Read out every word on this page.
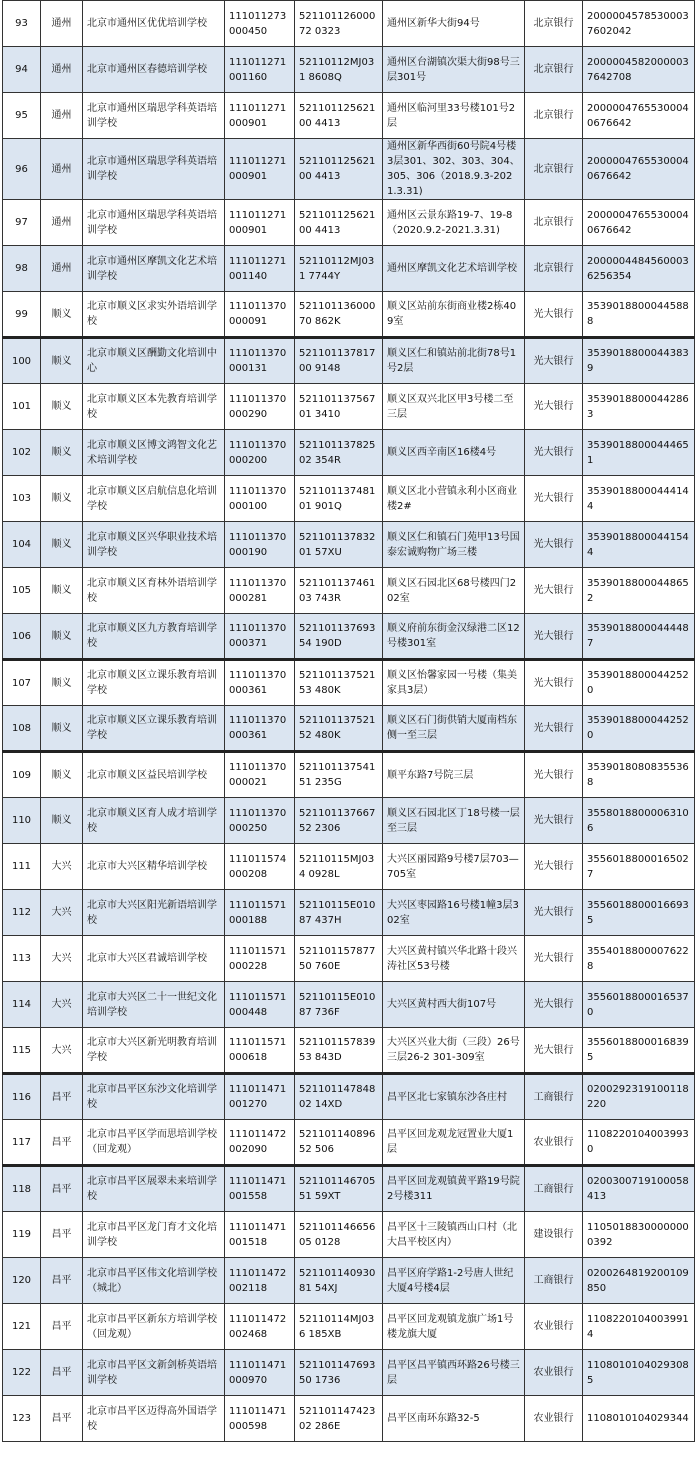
93	通州	北京市通州区优优培训学校	111011273000450	52110112600072 0323	通州区新华大街94号	北京银行	20000045785300037602042
94	通州	北京市通州区春德培训学校	111011271001160	52110112MJ031 8608Q	通州区台湖镇次渠大街98号三层301号	北京银行	20000045820000037642708
95	通州	北京市通州区瑞思学科英语培训学校	111011271000901	52110112562100 4413	通州区临河里33号楼101号2层	北京银行	20000047655300040676642
96	通州	北京市通州区瑞思学科英语培训学校	111011271000901	52110112562100 4413	通州区新华西街60号院4号楼3层301、302、303、304、305、306（2018.9.3-2021.3.31)	北京银行	20000047655300040676642
97	通州	北京市通州区瑞思学科英语培训学校	111011271000901	52110112562100 4413	通州区云景东路19-7、19-8（2020.9.2-2021.3.31)	北京银行	20000047655300040676642
98	通州	北京市通州区摩凯文化艺术培训学校	111011271001140	52110112MJ031 7744Y	通州区摩凯文化艺术培训学校	北京银行	20000044845600036256354
99	顺义	北京市顺义区求实外语培训学校	111011370000091	52110113600070 862K	顺义区站前东街商业楼2栋409室	光大银行	35390188000445888
100	顺义	北京市顺义区酬勤文化培训中心	111011370000131	52110113781700 9148	顺义区仁和镇站前北街78号1号2层	光大银行	35390188000443839
101	顺义	北京市顺义区本先教育培训学校	111011370000290	52110113756701 3410	顺义区双兴北区甲3号楼二至三层	光大银行	35390188000442863
102	顺义	北京市顺义区博文鸿智文化艺术培训学校	111011370000200	52110113782502 354R	顺义区西辛南区16楼4号	光大银行	35390188000444651
103	顺义	北京市顺义区启航信息化培训学校	111011370000100	52110113748101 901Q	顺义区北小营镇永利小区商业楼2#	光大银行	35390188000444144
104	顺义	北京市顺义区兴华职业技术培训学校	111011370000190	52110113783201 57XU	顺义区仁和镇石门苑甲13号国泰宏诚购物广场三楼	光大银行	35390188000441544
105	顺义	北京市顺义区育林外语培训学校	111011370000281	52110113746103 743R	顺义区石园北区68号楼四门202室	光大银行	35390188000448652
106	顺义	北京市顺义区九方教育培训学校	111011370000371	52110113769354 190D	顺义府前东街金汉绿港二区12号楼301室	光大银行	35390188000444487
107	顺义	北京市顺义区立课乐教育培训学校	111011370000361	52110113752153 480K	顺义区怡馨家园一号楼（集美家具3层）	光大银行	35390188000442520
108	顺义	北京市顺义区立课乐教育培训学校	111011370000361	52110113752152 480K	顺义区石门街供销大厦南档东侧一至三层	光大银行	35390188000442520
109	顺义	北京市顺义区益民培训学校	111011370000021	52110113754151 235G	顺平东路7号院三层	光大银行	35390180808355368
110	顺义	北京市顺义区育人成才培训学校	111011370000250	52110113766752 2306	顺义区石园北区丁18号楼一层至三层	光大银行	35580188000063106
111	大兴	北京市大兴区精华培训学校	111011574000208	52110115MJ034 0928L	大兴区丽园路9号楼7层703—705室	光大银行	35560188000165027
112	大兴	北京市大兴区阳光新语培训学校	111011571000188	52110115E01087 437H	大兴区枣园路16号楼1幢3层302室	光大银行	35560188000166935
113	大兴	北京市大兴区君诚培训学校	111011571000228	52110115787750 760E	大兴区黄村镇兴华北路十段兴涛社区53号楼	光大银行	35540188000076228
114	大兴	北京市大兴区二十一世纪文化培训学校	111011571000448	52110115E01087 736F	大兴区黄村西大街107号	光大银行	35560188000165370
115	大兴	北京市大兴区新光明教育培训学校	111011571000618	52110115783953 843D	大兴区兴业大街（三段）26号三层26-2 301-309室	光大银行	35560188000168395
116	昌平	北京市昌平区东沙文化培训学校	111011471001270	52110114784802 14XD	昌平区北七家镇东沙各庄村	工商银行	0200292319100118220
117	昌平	北京市昌平区学而思培训学校（回龙观）	111011472002090	52110114089652 506	昌平区回龙观龙冠置业大厦1层	农业银行	11082201040039930
118	昌平	北京市昌平区展翠未来培训学校	111011471001558	52110114670551 59XT	昌平区回龙观镇黄平路19号院2号楼311	工商银行	0200300719100058413
119	昌平	北京市昌平区龙门育才文化培训学校	111011471001518	52110114665605 0128	昌平区十三陵镇西山口村（北大昌平校区内）	建设银行	11050188300000000392
120	昌平	北京市昌平区伟文化培训学校（城北）	111011472002118	52110114093081 54XJ	昌平区府学路1-2号唐人世纪大厦4号楼4层	工商银行	0200264819200109850
121	昌平	北京市昌平区新东方培训学校（回龙观）	111011472002468	52110114MJ036 185XB	昌平区回龙观镇龙旗广场1号楼龙旗大厦	农业银行	11082201040039914
122	昌平	北京市昌平区文新剑桥英语培训学校	111011471000970	52110114769350 1736	昌平区昌平镇西环路26号楼三层	农业银行	11080101040293085
123	昌平	北京市昌平区迈得高外国语学校	111011471000598	52110114742302 286E	昌平区南环东路32-5	农业银行	1108010104029344
